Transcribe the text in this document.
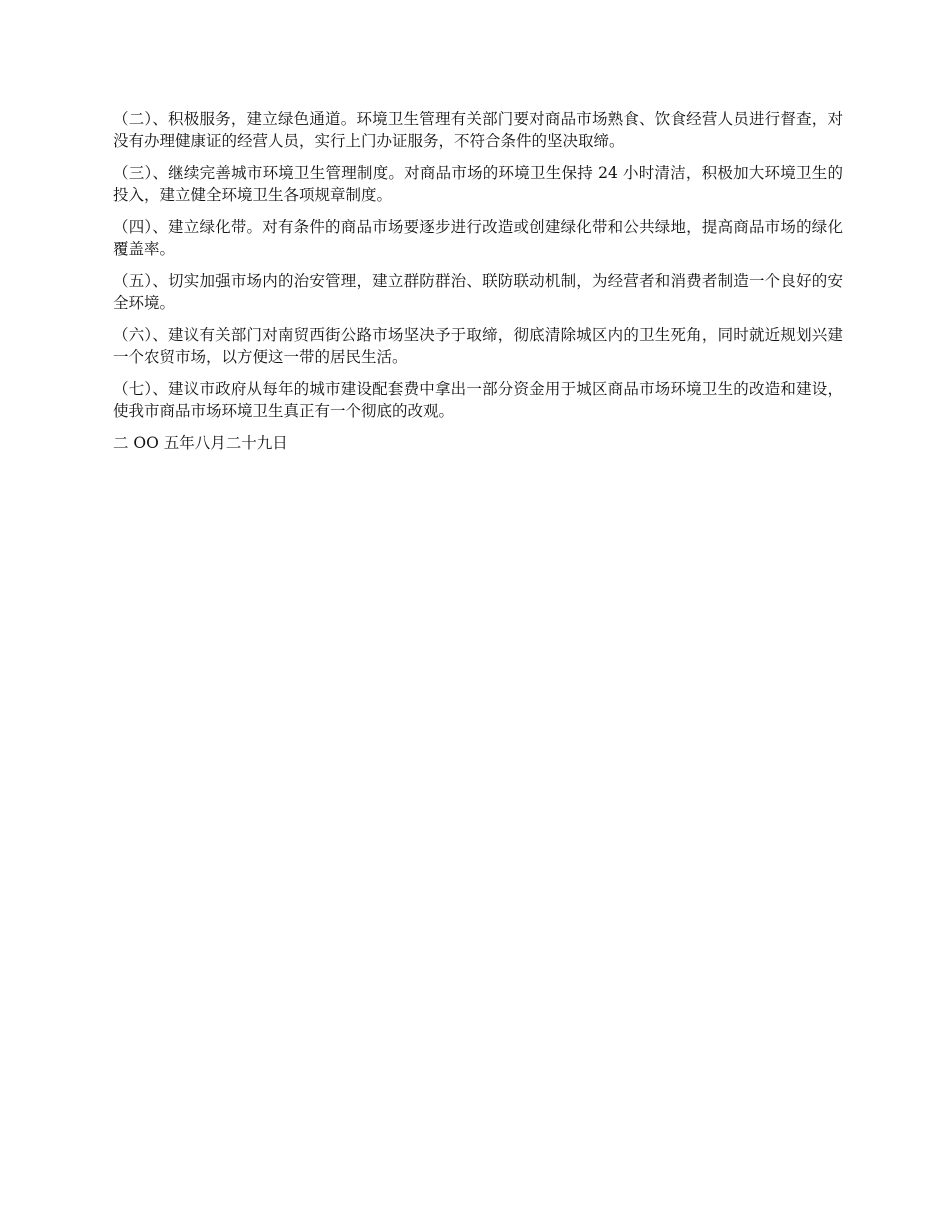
（二）、积极服务，建立绿色通道。环境卫生管理有关部门要对商品市场熟食、饮食经营人员进行督查，对没有办理健康证的经营人员，实行上门办证服务，不符合条件的坚决取缔。

（三）、继续完善城市环境卫生管理制度。对商品市场的环境卫生保持 24 小时清洁，积极加大环境卫生的投入，建立健全环境卫生各项规章制度。

（四）、建立绿化带。对有条件的商品市场要逐步进行改造或创建绿化带和公共绿地，提高商品市场的绿化覆盖率。

（五）、切实加强市场内的治安管理，建立群防群治、联防联动机制，为经营者和消费者制造一个良好的安全环境。

（六）、建议有关部门对南贸西街公路市场坚决予于取缔，彻底清除城区内的卫生死角，同时就近规划兴建一个农贸市场，以方便这一带的居民生活。

（七）、建议市政府从每年的城市建设配套费中拿出一部分资金用于城区商品市场环境卫生的改造和建设，使我市商品市场环境卫生真正有一个彻底的改观。

二 OO 五年八月二十九日
